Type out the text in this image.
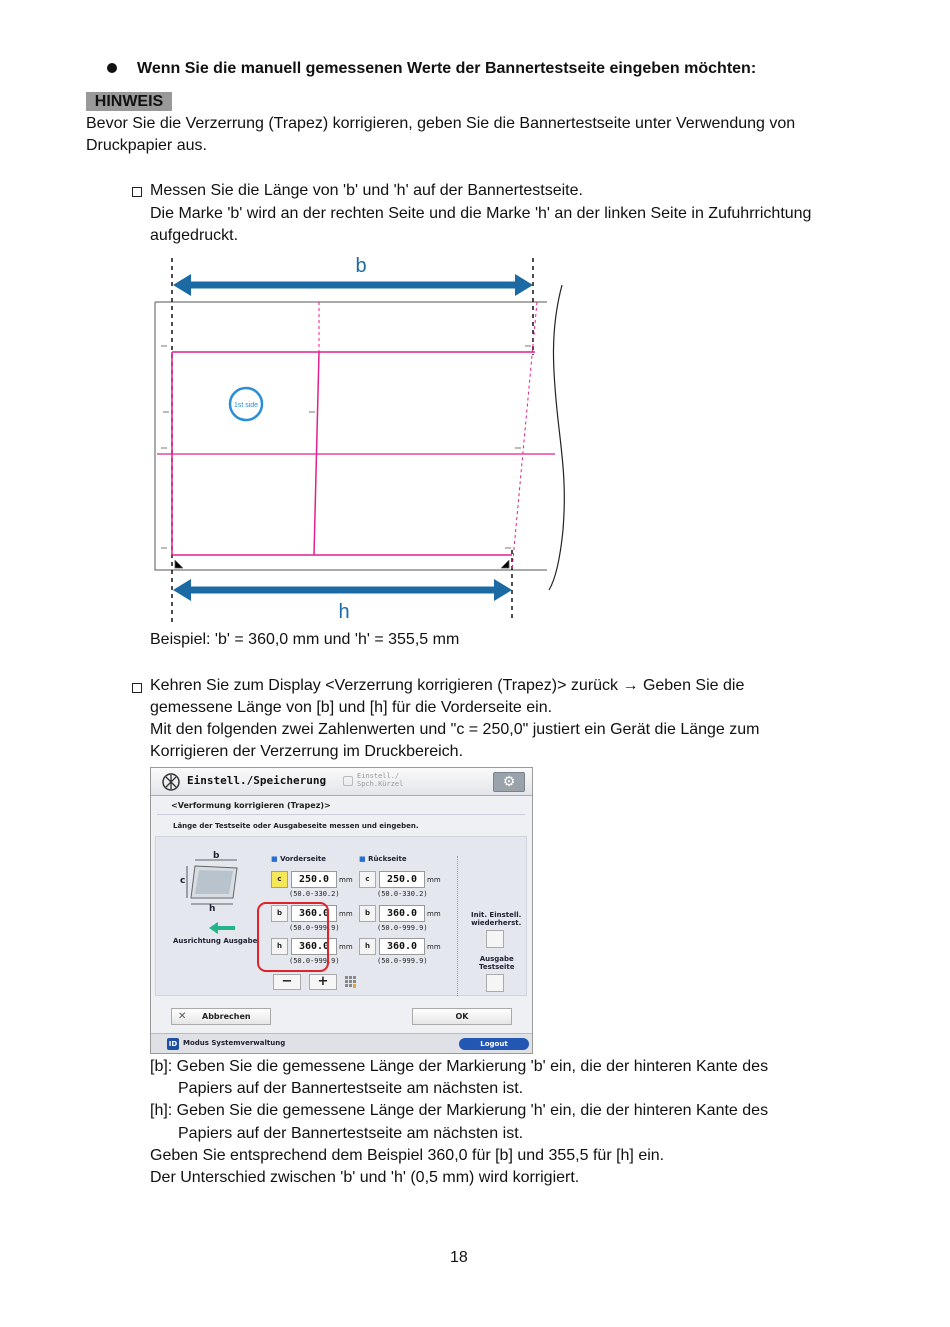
Wenn Sie die manuell gemessenen Werte der Bannertestseite eingeben möchten:
HINWEIS
Bevor Sie die Verzerrung (Trapez) korrigieren, geben Sie die Bannertestseite unter Verwendung von
Druckpapier aus.
Messen Sie die Länge von 'b' und 'h' auf der Bannertestseite.
Die Marke 'b' wird an der rechten Seite und die Marke 'h' an der linken Seite in Zufuhrrichtung
aufgedruckt.
1st side
b
h
Beispiel: 'b' = 360,0 mm und 'h' = 355,5 mm
Kehren Sie zum Display <Verzerrung korrigieren (Trapez)> zurück → Geben Sie die
gemessene Länge von [b] und [h] für die Vorderseite ein.
Mit den folgenden zwei Zahlenwerten und "c = 250,0" justiert ein Gerät die Länge zum
Korrigieren der Verzerrung im Druckbereich.
Einstell./Speicherung	Einstell./
Spch.Kürzel	⚙
<Verformung korrigieren (Trapez)>
Länge der Testseite oder Ausgabeseite messen und eingeben.
b
c
h
Ausrichtung Ausgabe
■ Vorderseite	■ Rückseite
c	250.0	mm
(50.0-330.2)
b	360.0	mm
(50.0-999.9)
h	360.0	mm
(50.0-999.9)
c	250.0	mm
(50.0-330.2)
b	360.0	mm
(50.0-999.9)
h	360.0	mm
(50.0-999.9)
−	+
Init. Einstell.
wiederherst.
Ausgabe
Testseite
✕ Abbrechen	OK
ID Modus Systemverwaltung	Logout
[b]: Geben Sie die gemessene Länge der Markierung 'b' ein, die der hinteren Kante des
Papiers auf der Bannertestseite am nächsten ist.
[h]: Geben Sie die gemessene Länge der Markierung 'h' ein, die der hinteren Kante des
Papiers auf der Bannertestseite am nächsten ist.
Geben Sie entsprechend dem Beispiel 360,0 für [b] und 355,5 für [h] ein.
Der Unterschied zwischen 'b' und 'h' (0,5 mm) wird korrigiert.
18
